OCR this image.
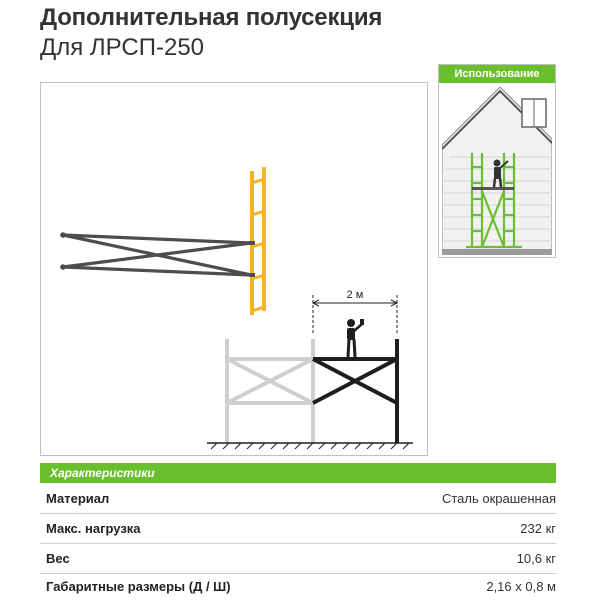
Дополнительная полусекция
Для ЛРСП-250
2 м
Использование
Характеристики
Материал	Сталь окрашенная
Макс. нагрузка	232 кг
Вес	10,6 кг
Габаритные размеры (Д / Ш)	2,16 х 0,8 м
